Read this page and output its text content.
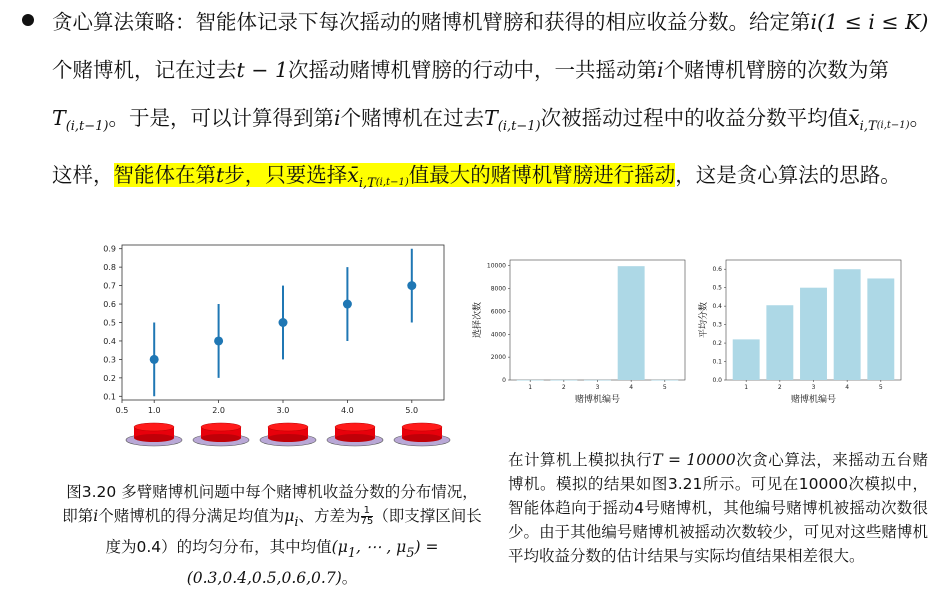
贪心算法策略：智能体记录下每次摇动的赌博机臂膀和获得的相应收益分数。给定第i(1 ≤ i ≤ K)个赌博机，记在过去t − 1次摇动赌博机臂膀的行动中，一共摇动第i个赌博机臂膀的次数为第$T_{(i,t-1)}$。于是，可以计算得到第i个赌博机在过去$T_{(i,t-1)}$次被摇动过程中的收益分数平均值$x̄_{i,T}(i,t-1)$。这样，智能体在第t步，只要选择$x̄_{i,T}(i,t-1)$值最大的赌博机臂膀进行摇动，这是贪心算法的思路。
0.1
0.2
0.3
0.4
0.5
0.6
0.7
0.8
0.9
0.5 1.0	2.0	3.0	4.0	5.0
0
2000
4000
6000
8000
10000
1	2	3	4	5
赌博机编号
选择次数
0.0
0.1
0.2
0.3
0.4
0.5
0.6
1	2	3	4	5
赌博机编号
平均分数
图3.20 多臂赌博机问题中每个赌博机收益分数的分布情况，即第i个赌博机的得分满足均值为$\mu_i$、方差为 $\frac{1}{75}$ （即支撑区间长度为0.4）的均匀分布，其中均值($\mu_1$, ⋯ , $\mu_5) = (0.3,0.4,0.5,0.6,0.7)$。
在计算机上模拟执行T = 10000次贪心算法，来摇动五台赌博机。模拟的结果如图3.21所示。可见在10000次模拟中，智能体趋向于摇动4号赌博机，其他编号赌博机被摇动次数很少。由于其他编号赌博机被摇动次数较少，可见对这些赌博机平均收益分数的估计结果与实际均值结果相差很大。
